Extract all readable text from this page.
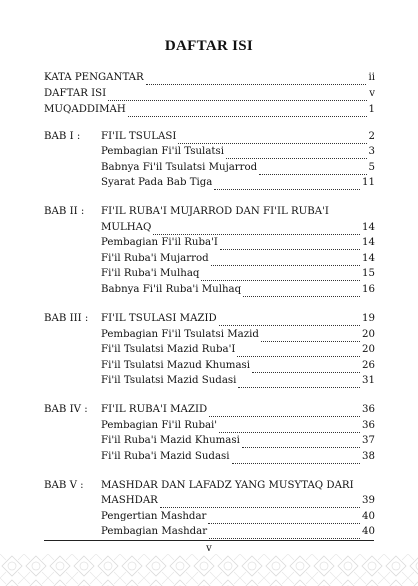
DAFTAR ISI
KATA PENGANTAR	ii
DAFTAR ISI	v
MUQADDIMAH	1
BAB I : FI'IL TSULASI	2
Pembagian Fi'il Tsulatsi	3
Babnya Fi'il Tsulatsi Mujarrod	5
Syarat Pada Bab Tiga	11
BAB II : FI'IL RUBA'I MUJARROD DAN FI'IL RUBA'I
MULHAQ	14
Pembagian Fi'il Ruba'I	14
Fi'il Ruba'i Mujarrod	14
Fi'il Ruba'i Mulhaq	15
Babnya Fi'il Ruba'i Mulhaq	16
BAB III : FI'IL TSULASI MAZID	19
Pembagian Fi'il Tsulatsi Mazid	20
Fi'il Tsulatsi Mazid Ruba'I	20
Fi'il Tsulatsi Mazud Khumasi	26
Fi'il Tsulatsi Mazid Sudasi	31
BAB IV : FI'IL RUBA'I MAZID	36
Pembagian Fi'il Rubai'	36
Fi'il Ruba'i Mazid Khumasi	37
Fi'il Ruba'i Mazid Sudasi	38
BAB V : MASHDAR DAN LAFADZ YANG MUSYTAQ DARI
MASHDAR	39
Pengertian Mashdar	40
Pembagian Mashdar	40
v
